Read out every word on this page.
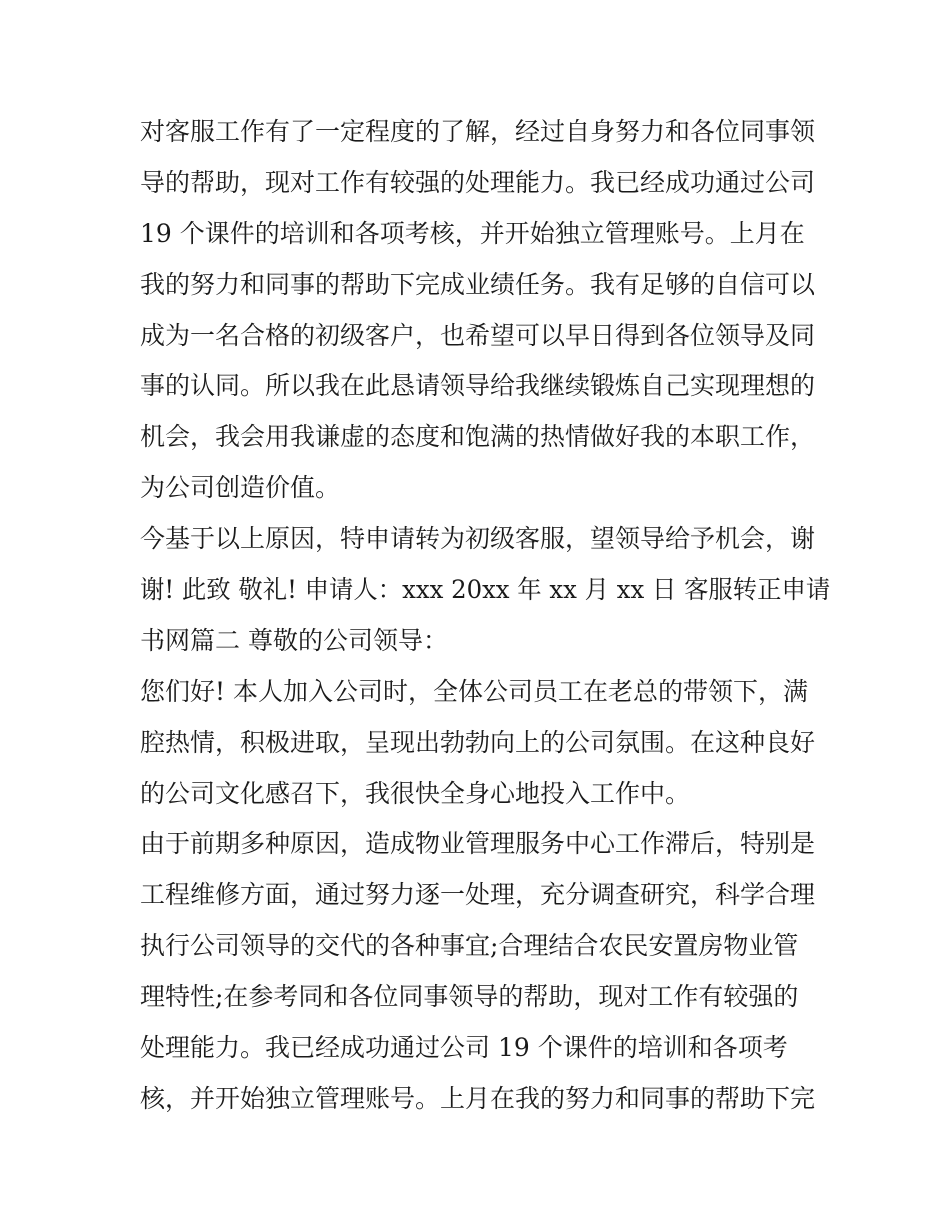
对客服工作有了一定程度的了解，经过自身努力和各位同事领
导的帮助，现对工作有较强的处理能力。我已经成功通过公司
19 个课件的培训和各项考核，并开始独立管理账号。上月在
我的努力和同事的帮助下完成业绩任务。我有足够的自信可以
成为一名合格的初级客户，也希望可以早日得到各位领导及同
事的认同。所以我在此恳请领导给我继续锻炼自己实现理想的
机会，我会用我谦虚的态度和饱满的热情做好我的本职工作，
为公司创造价值。
今基于以上原因，特申请转为初级客服，望领导给予机会，谢
谢! 此致 敬礼! 申请人：xxx 20xx 年 xx 月 xx 日 客服转正申请
书网篇二 尊敬的公司领导：
您们好! 本人加入公司时，全体公司员工在老总的带领下，满
腔热情，积极进取，呈现出勃勃向上的公司氛围。在这种良好
的公司文化感召下，我很快全身心地投入工作中。
由于前期多种原因，造成物业管理服务中心工作滞后，特别是
工程维修方面，通过努力逐一处理，充分调查研究，科学合理
执行公司领导的交代的各种事宜;合理结合农民安置房物业管
理特性;在参考同和各位同事领导的帮助，现对工作有较强的
处理能力。我已经成功通过公司 19 个课件的培训和各项考
核，并开始独立管理账号。上月在我的努力和同事的帮助下完
